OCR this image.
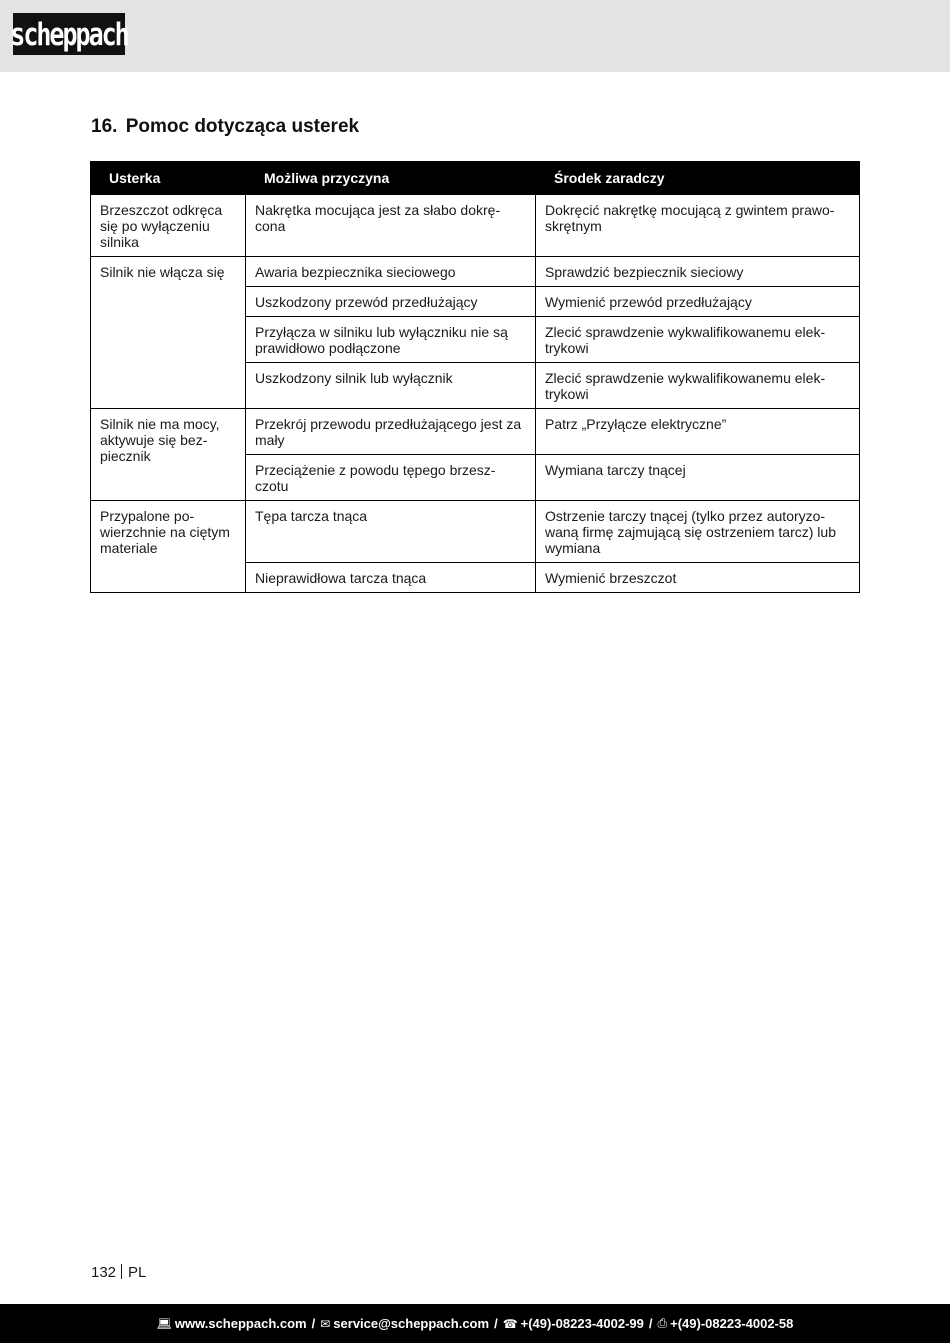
scheppach
16. Pomoc dotycząca usterek
Usterka	Możliwa przyczyna	Środek zaradczy
Brzeszczot odkręca się po wyłączeniu silnika	Nakrętka mocująca jest za słabo dokrę-cona	Dokręcić nakrętkę mocującą z gwintem prawo-skrętnym
Silnik nie włącza się	Awaria bezpiecznika sieciowego	Sprawdzić bezpiecznik sieciowy
	Uszkodzony przewód przedłużający	Wymienić przewód przedłużający
	Przyłącza w silniku lub wyłączniku nie są prawidłowo podłączone	Zlecić sprawdzenie wykwalifikowanemu elek-trykowi
	Uszkodzony silnik lub wyłącznik	Zlecić sprawdzenie wykwalifikowanemu elek-trykowi
Silnik nie ma mocy, aktywuje się bez-piecznik	Przekrój przewodu przedłużającego jest za mały	Patrz „Przyłącze elektryczne”
	Przeciążenie z powodu tępego brzesz-czotu	Wymiana tarczy tnącej
Przypalone po-wierzchnie na ciętym materiale	Tępa tarcza tnąca	Ostrzenie tarczy tnącej (tylko przez autoryzo-waną firmę zajmującą się ostrzeniem tarcz) lub wymiana
	Nieprawidłowa tarcza tnąca	Wymienić brzeszczot
132 PL
💻︎ www.scheppach.com / ✉︎ service@scheppach.com / ☎︎ +(49)-08223-4002-99 / ⎙ +(49)-08223-4002-58
